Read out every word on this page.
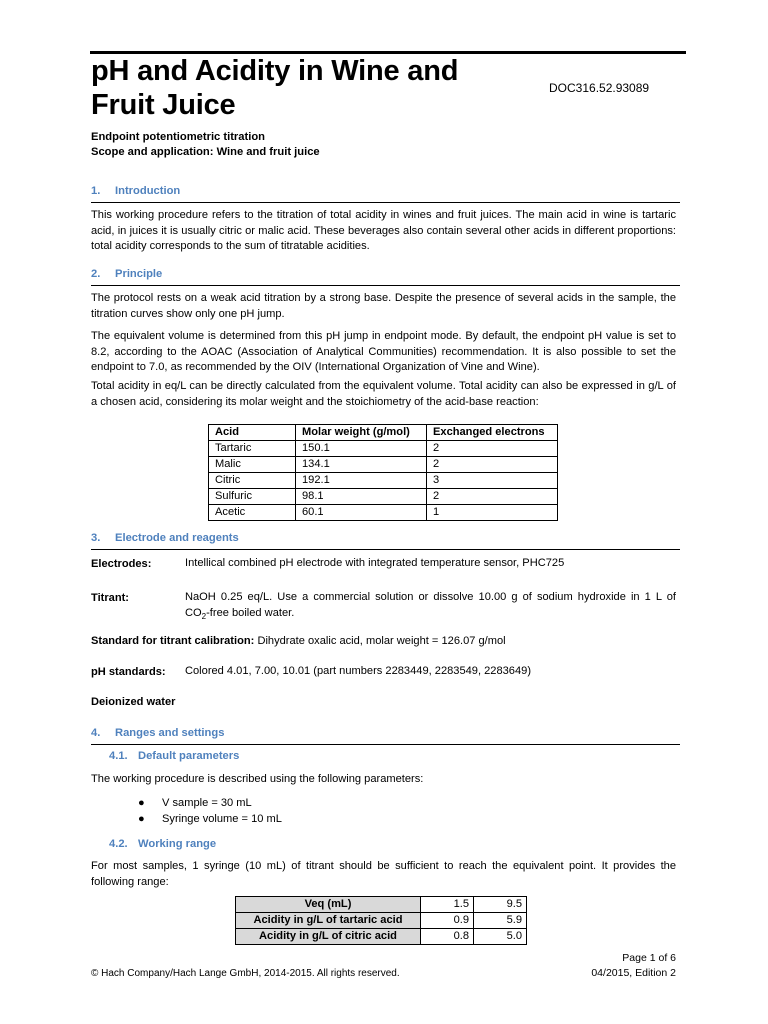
pH and Acidity in Wine and Fruit Juice
DOC316.52.93089
Endpoint potentiometric titration
Scope and application: Wine and fruit juice
1. Introduction

This working procedure refers to the titration of total acidity in wines and fruit juices. The main acid in wine is tartaric acid, in juices it is usually citric or malic acid. These beverages also contain several other acids in different proportions: total acidity corresponds to the sum of titratable acidities.

2. Principle

The protocol rests on a weak acid titration by a strong base. Despite the presence of several acids in the sample, the titration curves show only one pH jump.

The equivalent volume is determined from this pH jump in endpoint mode. By default, the endpoint pH value is set to 8.2, according to the AOAC (Association of Analytical Communities) recommendation. It is also possible to set the endpoint to 7.0, as recommended by the OIV (International Organization of Vine and Wine).

Total acidity in eq/L can be directly calculated from the equivalent volume. Total acidity can also be expressed in g/L of a chosen acid, considering its molar weight and the stoichiometry of the acid-base reaction:

Acid	Molar weight (g/mol)	Exchanged electrons
Tartaric	150.1	2
Malic	134.1	2
Citric	192.1	3
Sulfuric	98.1	2
Acetic	60.1	1
3. Electrode and reagents
Electrodes:	Intellical combined pH electrode with integrated temperature sensor, PHC725
Titrant:	NaOH 0.25 eq/L. Use a commercial solution or dissolve 10.00 g of sodium hydroxide in 1 L of
$CO_2$-free boiled water.
Standard for titrant calibration: Dihydrate oxalic acid, molar weight = 126.07 g/mol
pH standards: Colored 4.01, 7.00, 10.01 (part numbers 2283449, 2283549, 2283649)
Deionized water
4. Ranges and settings
4.1. Default parameters

The working procedure is described using the following parameters:

● V sample = 30 mL
● Syringe volume = 10 mL
4.2. Working range

For most samples, 1 syringe (10 mL) of titrant should be sufficient to reach the equivalent point. It provides the following range:

Veq (mL)	1.5	9.5
Acidity in g/L of tartaric acid	0.9	5.9
Acidity in g/L of citric acid	0.8	5.0
Page 1 of 6
© Hach Company/Hach Lange GmbH, 2014-2015. All rights reserved.	04/2015, Edition 2
